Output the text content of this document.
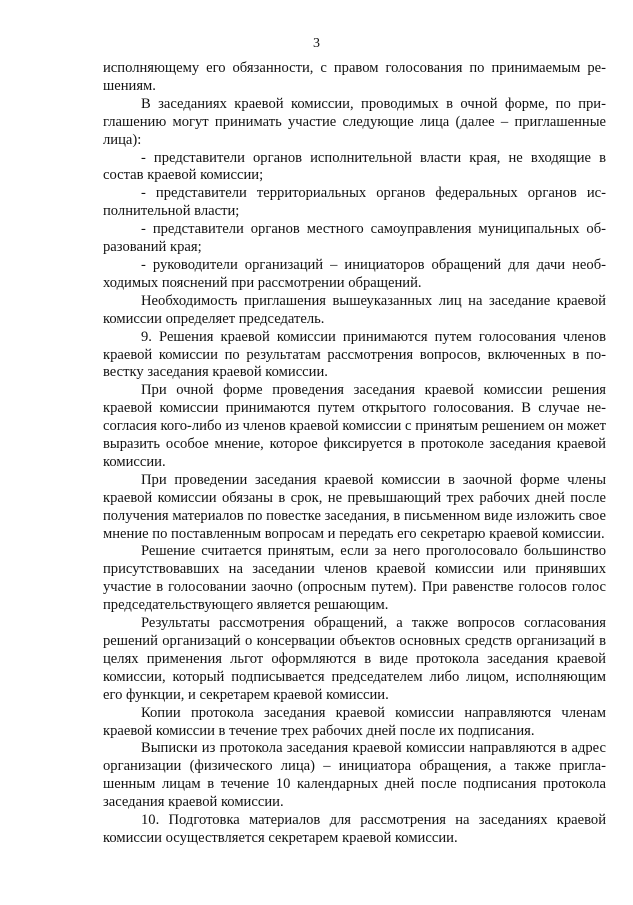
3

исполняющему его обязанности, с правом голосования по принимаемым решениям.

В заседаниях краевой комиссии, проводимых в очной форме, по приглашению могут принимать участие следующие лица (далее – приглашенные лица):

- представители органов исполнительной власти края, не входящие в состав краевой комиссии;

- представители территориальных органов федеральных органов исполнительной власти;

- представители органов местного самоуправления муниципальных образований края;

- руководители организаций – инициаторов обращений для дачи необходимых пояснений при рассмотрении обращений.

Необходимость приглашения вышеуказанных лиц на заседание краевой комиссии определяет председатель.

9. Решения краевой комиссии принимаются путем голосования членов краевой комиссии по результатам рассмотрения вопросов, включенных в повестку заседания краевой комиссии.

При очной форме проведения заседания краевой комиссии решения краевой комиссии принимаются путем открытого голосования. В случае несогласия кого-либо из членов краевой комиссии с принятым решением он может выразить особое мнение, которое фиксируется в протоколе заседания краевой комиссии.

При проведении заседания краевой комиссии в заочной форме члены краевой комиссии обязаны в срок, не превышающий трех рабочих дней после получения материалов по повестке заседания, в письменном виде изложить свое мнение по поставленным вопросам и передать его секретарю краевой комиссии.

Решение считается принятым, если за него проголосовало большинство присутствовавших на заседании членов краевой комиссии или принявших участие в голосовании заочно (опросным путем). При равенстве голосов голос председательствующего является решающим.

Результаты рассмотрения обращений, а также вопросов согласования решений организаций о консервации объектов основных средств организаций в целях применения льгот оформляются в виде протокола заседания краевой комиссии, который подписывается председателем либо лицом, исполняющим его функции, и секретарем краевой комиссии.

Копии протокола заседания краевой комиссии направляются членам краевой комиссии в течение трех рабочих дней после их подписания.

Выписки из протокола заседания краевой комиссии направляются в адрес организации (физического лица) – инициатора обращения, а также приглашенным лицам в течение 10 календарных дней после подписания протокола заседания краевой комиссии.

10. Подготовка материалов для рассмотрения на заседаниях краевой комиссии осуществляется секретарем краевой комиссии.
